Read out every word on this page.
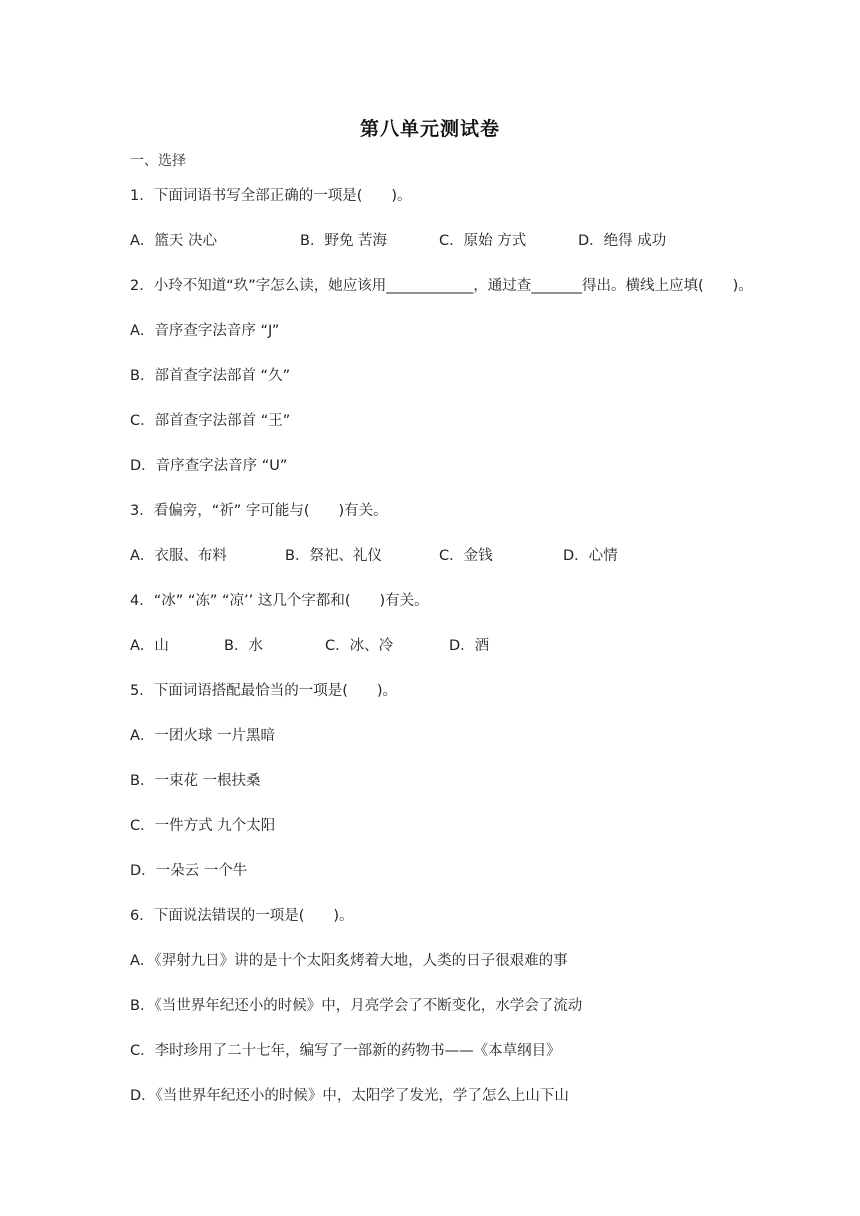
第八单元测试卷
一、选择
1．下面词语书写全部正确的一项是(　　)。
A．篮天 决心	B．野免 苦海	C．原始 方式	D．绝得 成功
2．小玲不知道“玖”字怎么读，她应该用____________，通过查_______得出。横线上应填(　　)。
A．音序查字法音序 “J”
B．部首查字法部首 “久”
C．部首查字法部首 “王”
D．音序查字法音序 “U”
3．看偏旁，“祈” 字可能与(　　)有关。
A．衣服、布料	B．祭祀、礼仪	C．金钱	D．心情
4．“冰” “冻” “凉’’ 这几个字都和(　　)有关。
A．山	B．水	C．冰、冷	D．酒
5．下面词语搭配最恰当的一项是(　　)。
A．一团火球 一片黑暗
B．一束花 一根扶桑
C．一件方式 九个太阳
D．一朵云 一个牛
6．下面说法错误的一项是(　　)。
A．《羿射九日》讲的是十个太阳炙烤着大地，人类的日子很艰难的事
B．《当世界年纪还小的时候》中，月亮学会了不断变化，水学会了流动
C．李时珍用了二十七年，编写了一部新的药物书——《本草纲目》
D．《当世界年纪还小的时候》中，太阳学了发光，学了怎么上山下山
